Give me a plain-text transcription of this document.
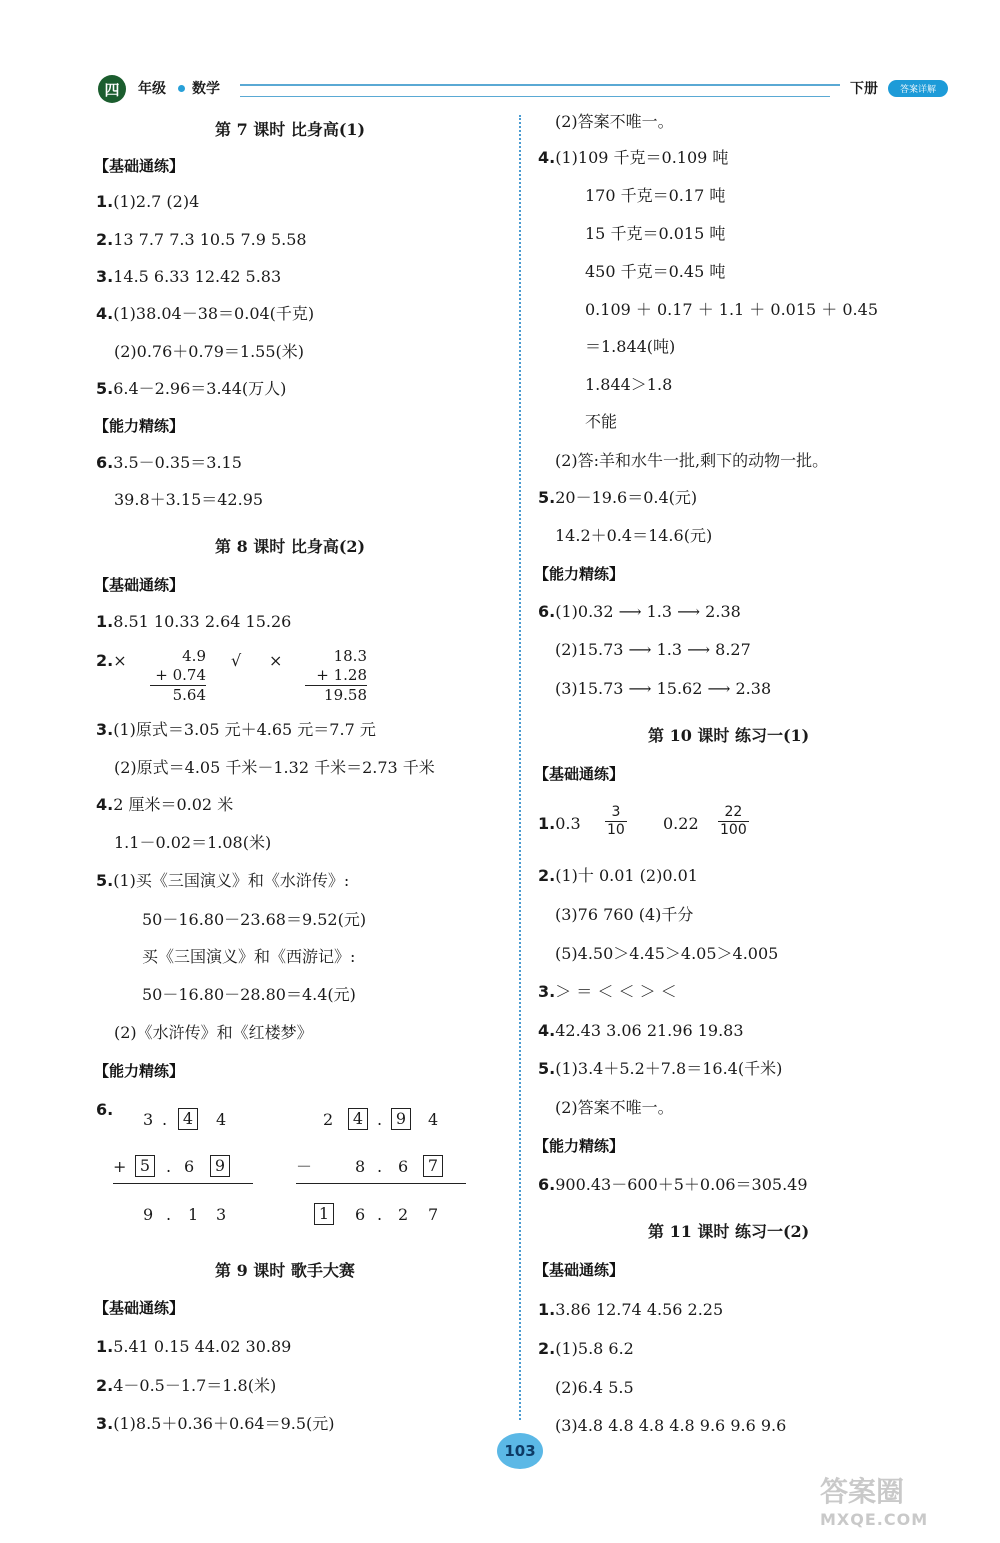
四	年级 数学	下册	答案详解
第 7 课时 比身高(1)
【基础通练】
1.(1)2.7 (2)4
2.13 7.7 7.3 10.5 7.9 5.58
3.14.5 6.33 12.42 5.83
4.(1)38.04－38＝0.04(千克)
(2)0.76＋0.79＝1.55(米)
5.6.4－2.96＝3.44(万人)
【能力精练】
6.3.5－0.35＝3.15
39.8＋3.15＝42.95
第 8 课时 比身高(2)
【基础通练】
1.8.51 10.33 2.64 15.26
2.×	4.9
+ 0.74
5.64
√ ×	18.3
+ 1.28
19.58
3.(1)原式＝3.05 元＋4.65 元＝7.7 元
(2)原式＝4.05 千米－1.32 千米＝2.73 千米
4.2 厘米＝0.02 米
1.1－0.02＝1.08(米)
5.(1)买《三国演义》和《水浒传》:
50－16.80－23.68＝9.52(元)
买《三国演义》和《西游记》:
50－16.80－28.80＝4.4(元)
(2)《水浒传》和《红楼梦》
【能力精练】
6.
3 . 4	4
+ 5 . 6	9
9 . 1 3
2	4 . 9	4
－	8 . 6	7
1	6 . 2 7
第 9 课时 歌手大赛
【基础通练】
1.5.41 0.15 44.02 30.89
2.4－0.5－1.7＝1.8(米)
3.(1)8.5＋0.36＋0.64＝9.5(元)
(2)答案不唯一。
4.(1)109 千克＝0.109 吨
170 千克＝0.17 吨
15 千克＝0.015 吨
450 千克＝0.45 吨
0.109 ＋ 0.17 ＋ 1.1 ＋ 0.015 ＋ 0.45
＝1.844(吨)
1.844＞1.8
不能
(2)答:羊和水牛一批,剩下的动物一批。
5.20－19.6＝0.4(元)
14.2＋0.4＝14.6(元)
【能力精练】
6.(1)0.32 ⟶ 1.3 ⟶ 2.38
(2)15.73 ⟶ 1.3 ⟶ 8.27
(3)15.73 ⟶ 15.62 ⟶ 2.38
第 10 课时 练习一(1)
【基础通练】
$1.0.3 \frac{3}{10} 0.22 \frac{22}{100}$
2.(1)十 0.01 (2)0.01
(3)76 760 (4)千分
(5)4.50＞4.45＞4.05＞4.005
3.＞ ＝ ＜ ＜ ＞ ＜
4.42.43 3.06 21.96 19.83
5.(1)3.4＋5.2＋7.8＝16.4(千米)
(2)答案不唯一。
【能力精练】
6.900.43－600＋5＋0.06＝305.49
第 11 课时 练习一(2)
【基础通练】
1.3.86 12.74 4.56 2.25
2.(1)5.8 6.2
(2)6.4 5.5
(3)4.8 4.8 4.8 4.8 9.6 9.6 9.6
103
答案圈
MXQE.COM
